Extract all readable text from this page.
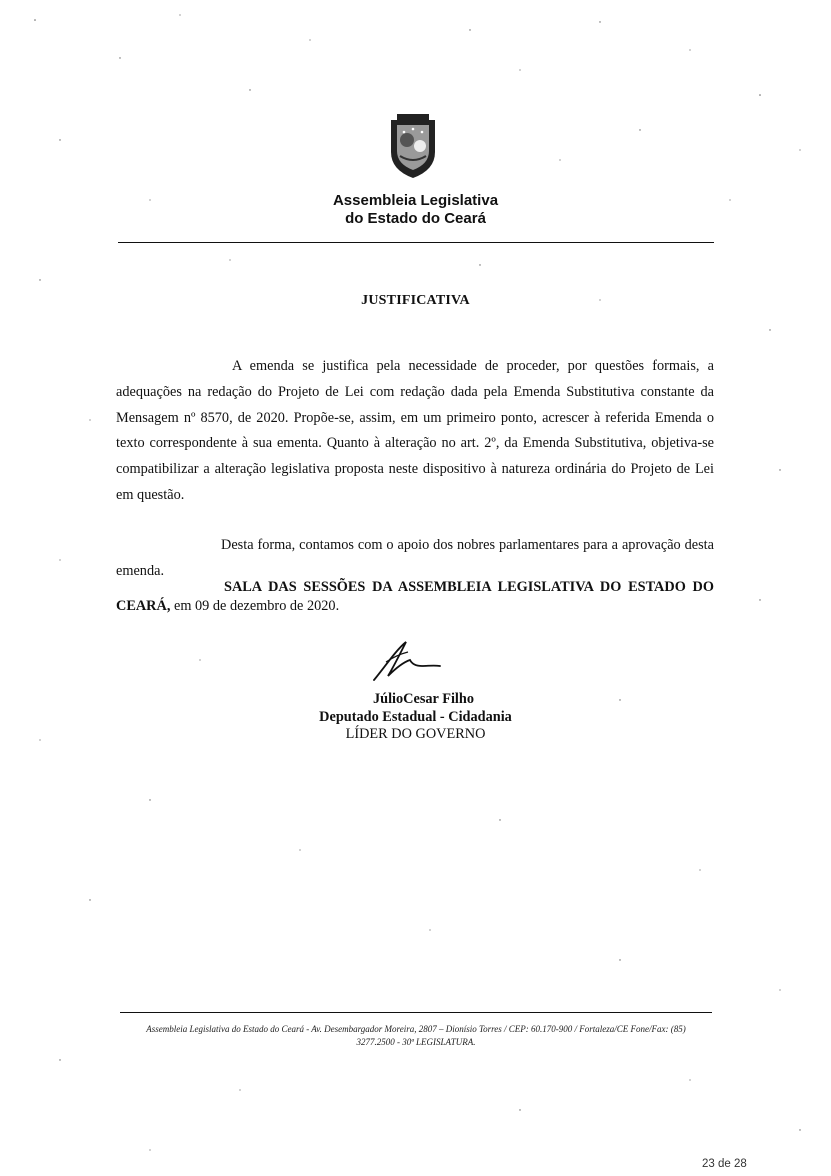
Assembleia Legislativa
do Estado do Ceará
JUSTIFICATIVA
A emenda se justifica pela necessidade de proceder, por questões formais, a adequações na redação do Projeto de Lei com redação dada pela Emenda Substitutiva constante da Mensagem nº 8570, de 2020. Propõe-se, assim, em um primeiro ponto, acrescer à referida Emenda o texto correspondente à sua ementa. Quanto à alteração no art. 2º, da Emenda Substitutiva, objetiva-se compatibilizar a alteração legislativa proposta neste dispositivo à natureza ordinária do Projeto de Lei em questão.
Desta forma, contamos com o apoio dos nobres parlamentares para a aprovação desta emenda.
SALA DAS SESSÕES DA ASSEMBLEIA LEGISLATIVA DO ESTADO DO CEARÁ, em 09 de dezembro de 2020.
JúlioCesar Filho
Deputado Estadual - Cidadania
LÍDER DO GOVERNO
Assembleia Legislativa do Estado do Ceará - Av. Desembargador Moreira, 2807 – Dionísio Torres / CEP: 60.170-900 / Fortaleza/CE Fone/Fax: (85)
3277.2500 - 30ª LEGISLATURA.
23 de 28
